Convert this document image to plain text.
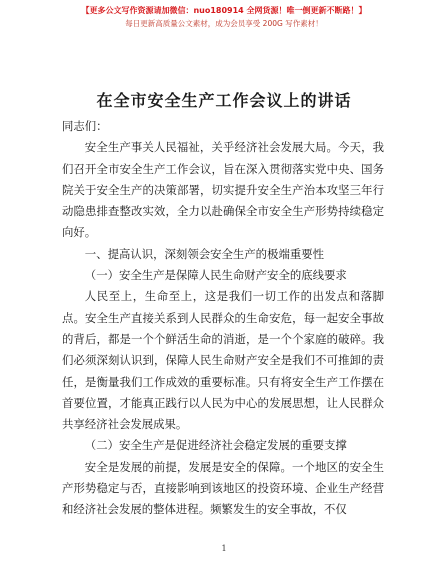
【更多公文写作资源请加微信：nuo180914 全网货源！唯一倒更新不断路！】
每日更新高质量公文素材，成为会员享受 200G 写作素材！
在全市安全生产工作会议上的讲话

同志们：

安全生产事关人民福祉，关乎经济社会发展大局。今天，我们召开全市安全生产工作会议，旨在深入贯彻落实党中央、国务院关于安全生产的决策部署，切实提升安全生产治本攻坚三年行动隐患排查整改实效，全力以赴确保全市安全生产形势持续稳定向好。

一、提高认识，深刻领会安全生产的极端重要性

（一）安全生产是保障人民生命财产安全的底线要求

人民至上，生命至上，这是我们一切工作的出发点和落脚点。安全生产直接关系到人民群众的生命安危，每一起安全事故的背后，都是一个个鲜活生命的消逝，是一个个家庭的破碎。我们必须深刻认识到，保障人民生命财产安全是我们不可推卸的责任，是衡量我们工作成效的重要标准。只有将安全生产工作摆在首要位置，才能真正践行以人民为中心的发展思想，让人民群众共享经济社会发展成果。

（二）安全生产是促进经济社会稳定发展的重要支撑

安全是发展的前提，发展是安全的保障。一个地区的安全生产形势稳定与否，直接影响到该地区的投资环境、企业生产经营和经济社会发展的整体进程。频繁发生的安全事故，不仅

1
